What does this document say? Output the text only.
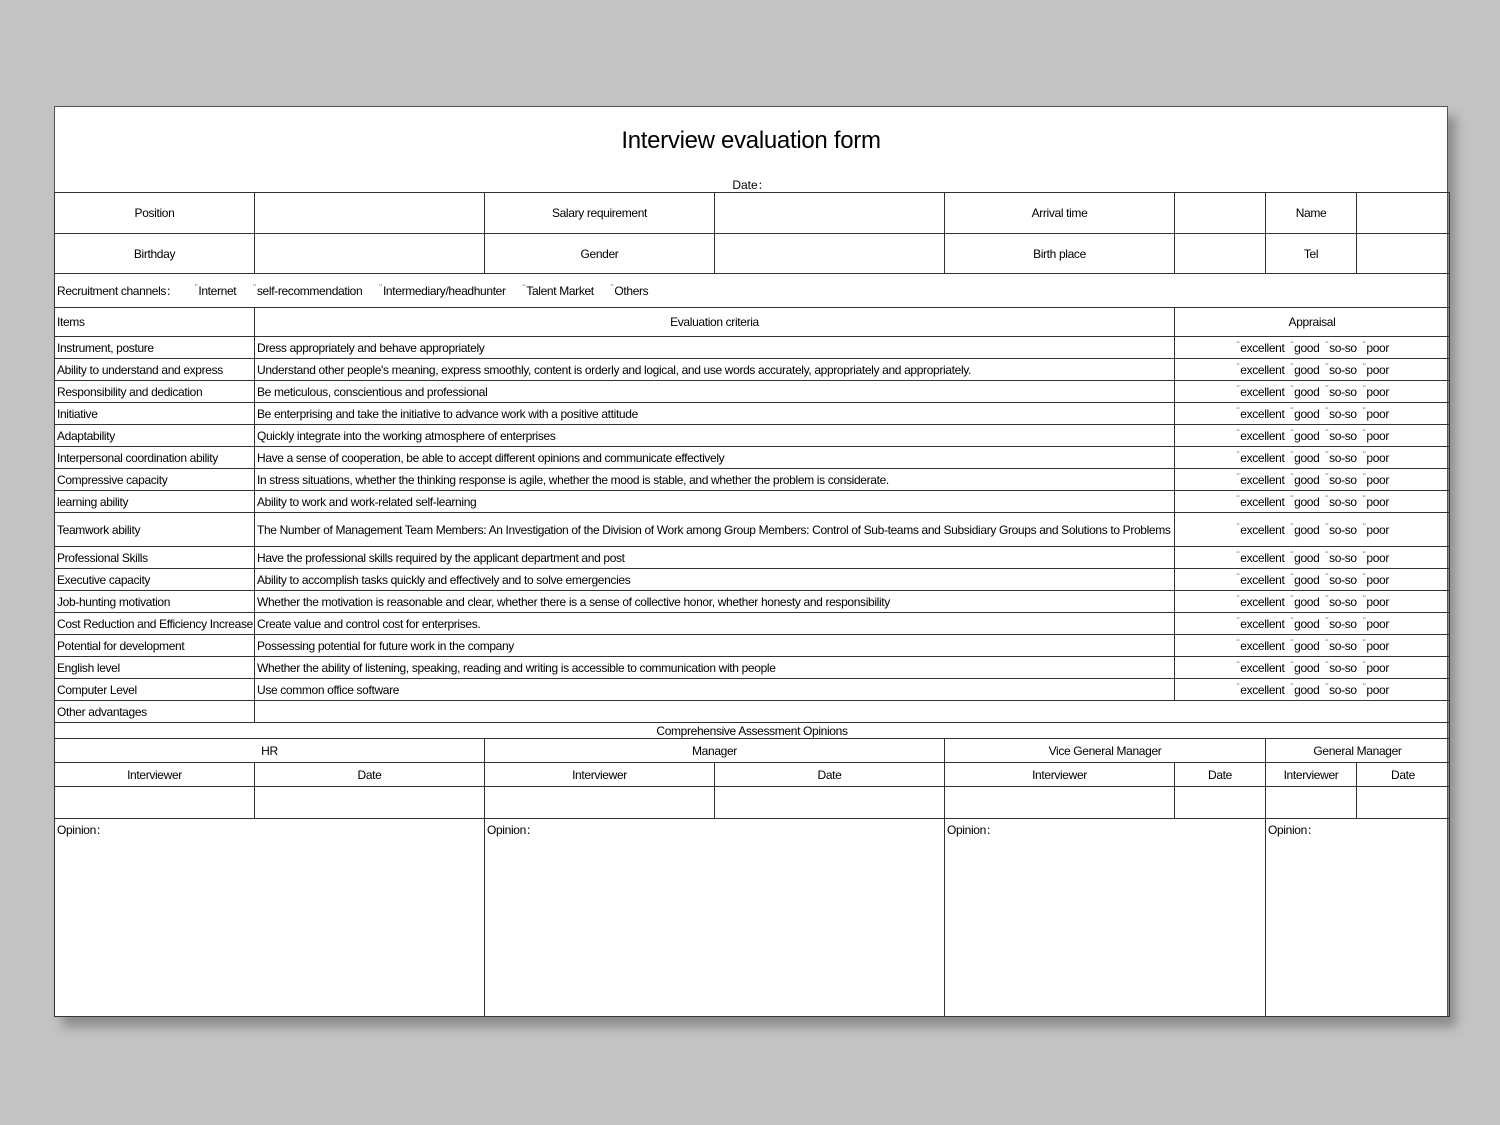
Interview evaluation form
Date：
Position		Salary requirement		Arrival time		Name	
Birthday		Gender		Birth place		Tel	
Recruitment channels： ¨Internet ¨self-recommendation ¨Intermediary/headhunter ¨Talent Market ¨Others							
Items	Evaluation criteria				Appraisal		
Instrument, posture	Dress appropriately and behave appropriately				¨excellent ¨good ¨so-so ¨poor		
Ability to understand and express	Understand other people's meaning, express smoothly, content is orderly and logical, and use words accurately, appropriately and appropriately.				¨excellent ¨good ¨so-so ¨poor		
Responsibility and dedication	Be meticulous, conscientious and professional				¨excellent ¨good ¨so-so ¨poor		
Initiative	Be enterprising and take the initiative to advance work with a positive attitude				¨excellent ¨good ¨so-so ¨poor		
Adaptability	Quickly integrate into the working atmosphere of enterprises				¨excellent ¨good ¨so-so ¨poor		
Interpersonal coordination ability	Have a sense of cooperation, be able to accept different opinions and communicate effectively				¨excellent ¨good ¨so-so ¨poor		
Compressive capacity	In stress situations, whether the thinking response is agile, whether the mood is stable, and whether the problem is considerate.				¨excellent ¨good ¨so-so ¨poor		
learning ability	Ability to work and work-related self-learning				¨excellent ¨good ¨so-so ¨poor		
Teamwork ability	The Number of Management Team Members: An Investigation of the Division of Work among Group Members: Control of Sub-teams and Subsidiary Groups and Solutions to Problems				¨excellent ¨good ¨so-so ¨poor		
Professional Skills	Have the professional skills required by the applicant department and post				¨excellent ¨good ¨so-so ¨poor		
Executive capacity	Ability to accomplish tasks quickly and effectively and to solve emergencies				¨excellent ¨good ¨so-so ¨poor		
Job-hunting motivation	Whether the motivation is reasonable and clear, whether there is a sense of collective honor, whether honesty and responsibility				¨excellent ¨good ¨so-so ¨poor		
Cost Reduction and Efficiency Increase	Create value and control cost for enterprises.				¨excellent ¨good ¨so-so ¨poor		
Potential for development	Possessing potential for future work in the company				¨excellent ¨good ¨so-so ¨poor		
English level	Whether the ability of listening, speaking, reading and writing is accessible to communication with people				¨excellent ¨good ¨so-so ¨poor		
Computer Level	Use common office software				¨excellent ¨good ¨so-so ¨poor		
Other advantages							
Comprehensive Assessment Opinions							
HR		Manager		Vice General Manager		General Manager	
Interviewer	Date	Interviewer	Date	Interviewer	Date	Interviewer	Date

Opinion：		Opinion：		Opinion：		Opinion：	
